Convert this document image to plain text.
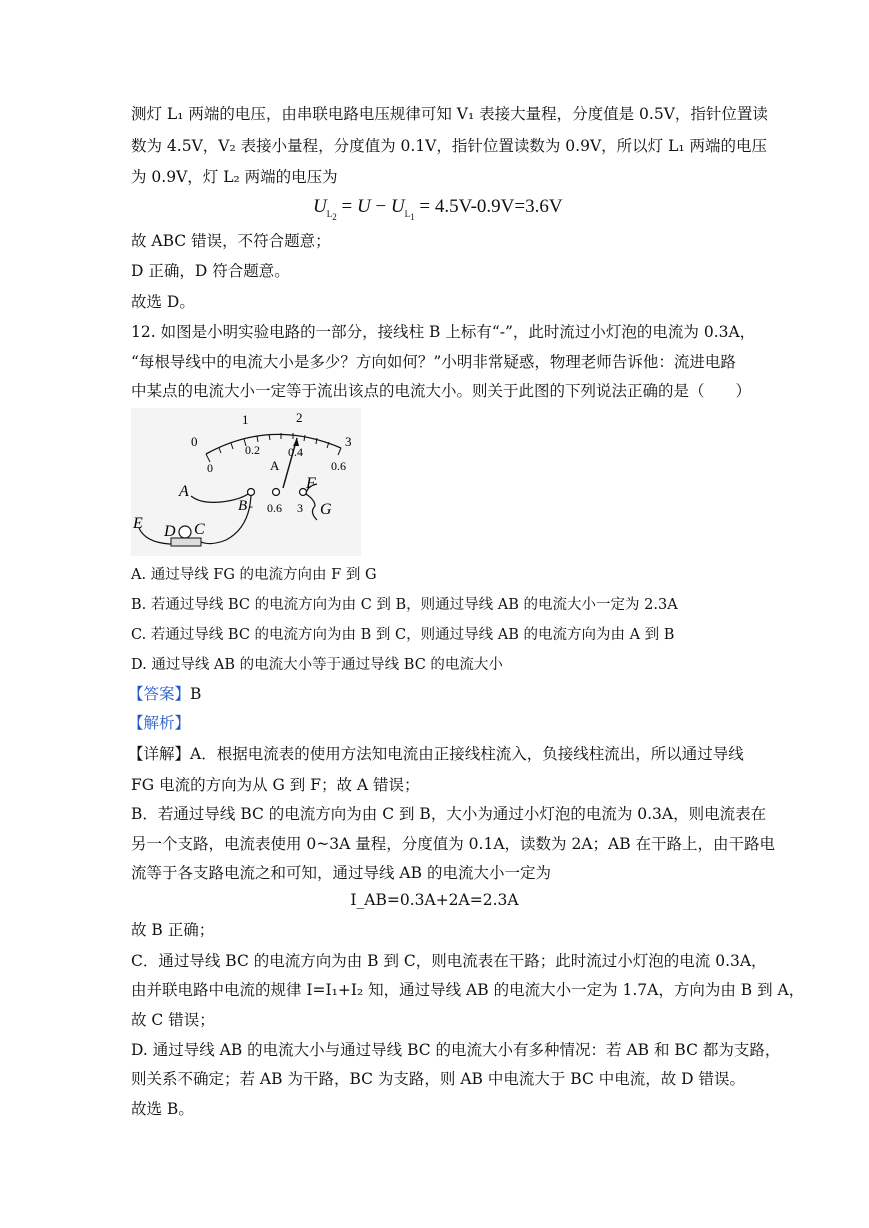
测灯 L₁ 两端的电压，由串联电路电压规律可知 V₁ 表接大量程，分度值是 0.5V，指针位置读
数为 4.5V，V₂ 表接小量程，分度值为 0.1V，指针位置读数为 0.9V，所以灯 L₁ 两端的电压
为 0.9V，灯 L₂ 两端的电压为
$U_{L_2} = U - U_{L_1} = 4.5V-0.9V=3.6V$
故 ABC 错误，不符合题意；
D 正确，D 符合题意。
故选 D。
12. 如图是小明实验电路的一部分，接线柱 B 上标有“-”，此时流过小灯泡的电流为 0.3A，
“每根导线中的电流大小是多少？方向如何？”小明非常疑惑，物理老师告诉他：流进电路
中某点的电流大小一定等于流出该点的电流大小。则关于此图的下列说法正确的是（　　）
0
1	2
3
0
0.2 0.4
0.6
A
0.6 3
A
B -
F
G
E D C
A. 通过导线 FG 的电流方向由 F 到 G
B. 若通过导线 BC 的电流方向为由 C 到 B，则通过导线 AB 的电流大小一定为 2.3A
C. 若通过导线 BC 的电流方向为由 B 到 C，则通过导线 AB 的电流方向为由 A 到 B
D. 通过导线 AB 的电流大小等于通过导线 BC 的电流大小
【答案】B
【解析】
【详解】A．根据电流表的使用方法知电流由正接线柱流入，负接线柱流出，所以通过导线
FG 电流的方向为从 G 到 F；故 A 错误；
B．若通过导线 BC 的电流方向为由 C 到 B，大小为通过小灯泡的电流为 0.3A，则电流表在
另一个支路，电流表使用 0~3A 量程，分度值为 0.1A，读数为 2A；AB 在干路上，由干路电
流等于各支路电流之和可知，通过导线 AB 的电流大小一定为
I_AB=0.3A+2A=2.3A
故 B 正确；
C．通过导线 BC 的电流方向为由 B 到 C，则电流表在干路；此时流过小灯泡的电流 0.3A，
由并联电路中电流的规律 I=I₁+I₂ 知，通过导线 AB 的电流大小一定为 1.7A，方向为由 B 到 A，
故 C 错误；
D. 通过导线 AB 的电流大小与通过导线 BC 的电流大小有多种情况：若 AB 和 BC 都为支路，
则关系不确定；若 AB 为干路，BC 为支路，则 AB 中电流大于 BC 中电流，故 D 错误。
故选 B。
